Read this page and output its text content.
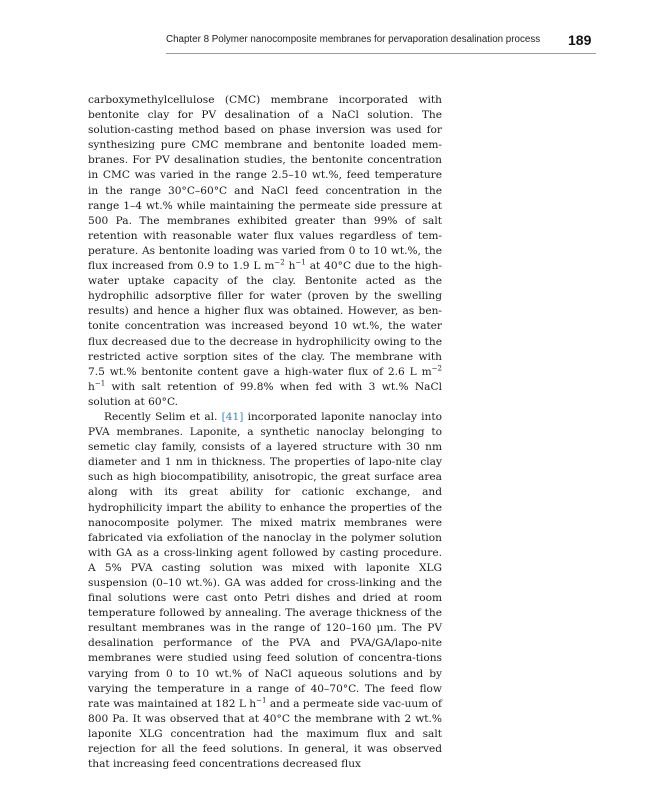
Chapter 8 Polymer nanocomposite membranes for pervaporation desalination process	189

carboxymethylcellulose (CMC) membrane incorporated with bentonite clay for PV desalination of a NaCl solution. The solution-casting method based on phase inversion was used for synthesizing pure CMC membrane and bentonite loaded mem-branes. For PV desalination studies, the bentonite concentration in CMC was varied in the range 2.5–10 wt.%, feed temperature in the range 30°C–60°C and NaCl feed concentration in the range 1–4 wt.% while maintaining the permeate side pressure at 500 Pa. The membranes exhibited greater than 99% of salt retention with reasonable water flux values regardless of tem-perature. As bentonite loading was varied from 0 to 10 wt.%, the flux increased from 0.9 to 1.9 L $m^{-2}$ $h^{-1}$ at 40°C due to the high-water uptake capacity of the clay. Bentonite acted as the hydrophilic adsorptive filler for water (proven by the swelling results) and hence a higher flux was obtained. However, as ben-tonite concentration was increased beyond 10 wt.%, the water flux decreased due to the decrease in hydrophilicity owing to the restricted active sorption sites of the clay. The membrane with 7.5 wt.% bentonite content gave a high-water flux of 2.6 L $m^{-2}$ $h^{-1}$ with salt retention of 99.8% when fed with 3 wt.% NaCl solution at 60°C.

Recently Selim et al. [41] incorporated laponite nanoclay into PVA membranes. Laponite, a synthetic nanoclay belonging to semetic clay family, consists of a layered structure with 30 nm diameter and 1 nm in thickness. The properties of lapo-nite clay such as high biocompatibility, anisotropic, the great surface area along with its great ability for cationic exchange, and hydrophilicity impart the ability to enhance the properties of the nanocomposite polymer. The mixed matrix membranes were fabricated via exfoliation of the nanoclay in the polymer solution with GA as a cross-linking agent followed by casting procedure. A 5% PVA casting solution was mixed with laponite XLG suspension (0–10 wt.%). GA was added for cross-linking and the final solutions were cast onto Petri dishes and dried at room temperature followed by annealing. The average thickness of the resultant membranes was in the range of 120–160 μm. The PV desalination performance of the PVA and PVA/GA/lapo-nite membranes were studied using feed solution of concentra-tions varying from 0 to 10 wt.% of NaCl aqueous solutions and by varying the temperature in a range of 40–70°C. The feed flow rate was maintained at 182 L $h^{-1}$ and a permeate side vac-uum of 800 Pa. It was observed that at 40°C the membrane with 2 wt.% laponite XLG concentration had the maximum flux and salt rejection for all the feed solutions. In general, it was observed that increasing feed concentrations decreased flux
